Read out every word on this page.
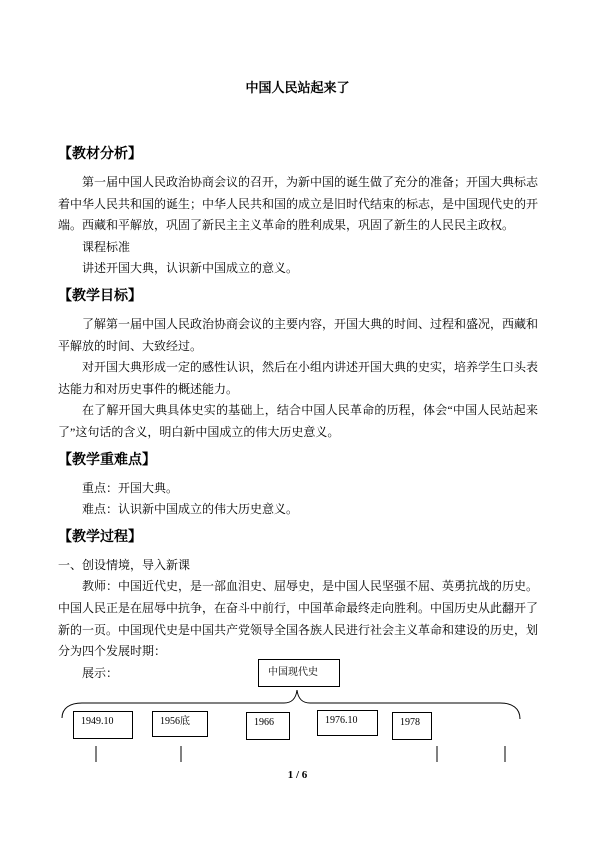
中国人民站起来了
【教材分析】
第一届中国人民政治协商会议的召开，为新中国的诞生做了充分的准备；开国大典标志
着中华人民共和国的诞生；中华人民共和国的成立是旧时代结束的标志，是中国现代史的开
端。西藏和平解放，巩固了新民主主义革命的胜利成果，巩固了新生的人民民主政权。
课程标准
讲述开国大典，认识新中国成立的意义。
【教学目标】
了解第一届中国人民政治协商会议的主要内容，开国大典的时间、过程和盛况，西藏和
平解放的时间、大致经过。
对开国大典形成一定的感性认识，然后在小组内讲述开国大典的史实，培养学生口头表
达能力和对历史事件的概述能力。
在了解开国大典具体史实的基础上，结合中国人民革命的历程，体会“中国人民站起来
了”这句话的含义，明白新中国成立的伟大历史意义。
【教学重难点】
重点：开国大典。
难点：认识新中国成立的伟大历史意义。
【教学过程】
一、创设情境，导入新课
教师：中国近代史，是一部血泪史、屈辱史，是中国人民坚强不屈、英勇抗战的历史。
中国人民正是在屈辱中抗争，在奋斗中前行，中国革命最终走向胜利。中国历史从此翻开了
新的一页。中国现代史是中国共产党领导全国各族人民进行社会主义革命和建设的历史，划
分为四个发展时期：
展示：	中国现代史
1949.10	1956底	1966	1976.10	1978
1 / 6
